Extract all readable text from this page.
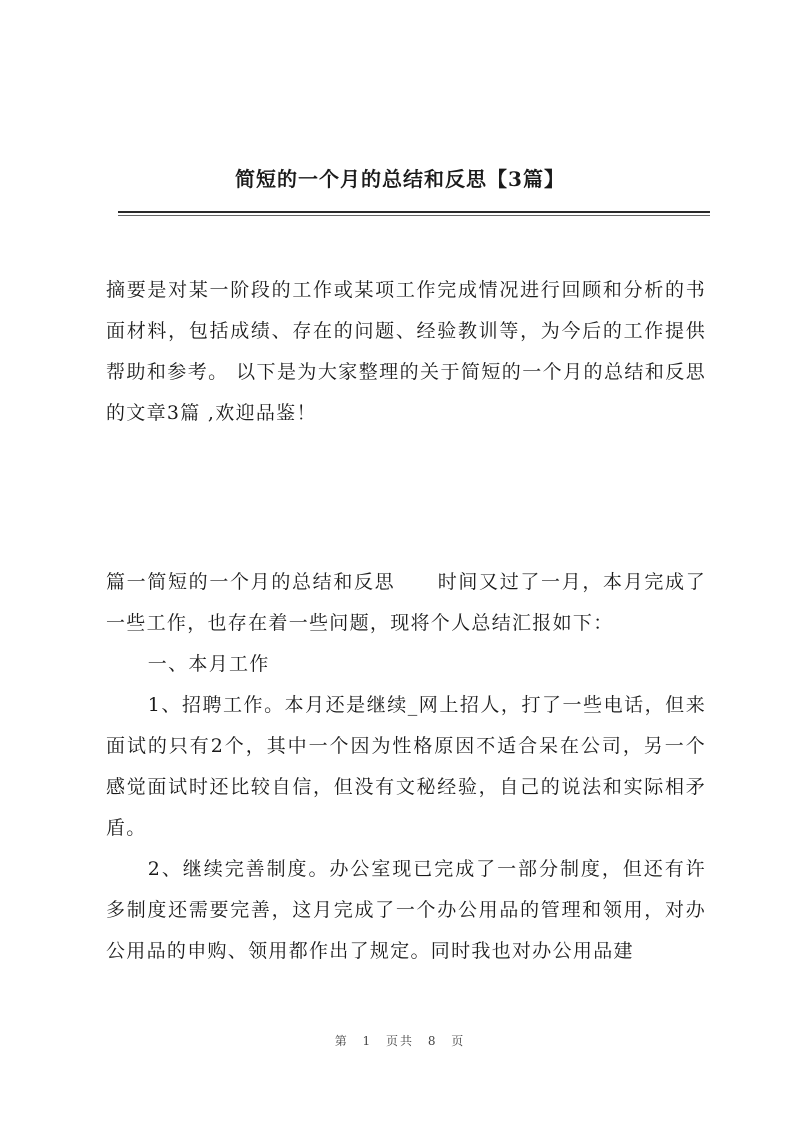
简短的一个月的总结和反思【3篇】
摘要是对某一阶段的工作或某项工作完成情况进行回顾和分析的书面材料，包括成绩、存在的问题、经验教训等，为今后的工作提供帮助和参考。 以下是为大家整理的关于简短的一个月的总结和反思的文章3篇 ,欢迎品鉴！

篇一简短的一个月的总结和反思 时间又过了一月，本月完成了一些工作，也存在着一些问题，现将个人总结汇报如下：

一、本月工作

1、招聘工作。本月还是继续_网上招人，打了一些电话，但来面试的只有2个，其中一个因为性格原因不适合呆在公司，另一个感觉面试时还比较自信，但没有文秘经验，自己的说法和实际相矛盾。

2、继续完善制度。办公室现已完成了一部分制度，但还有许多制度还需要完善，这月完成了一个办公用品的管理和领用，对办公用品的申购、领用都作出了规定。同时我也对办公用品建

第 1 页共 8 页
